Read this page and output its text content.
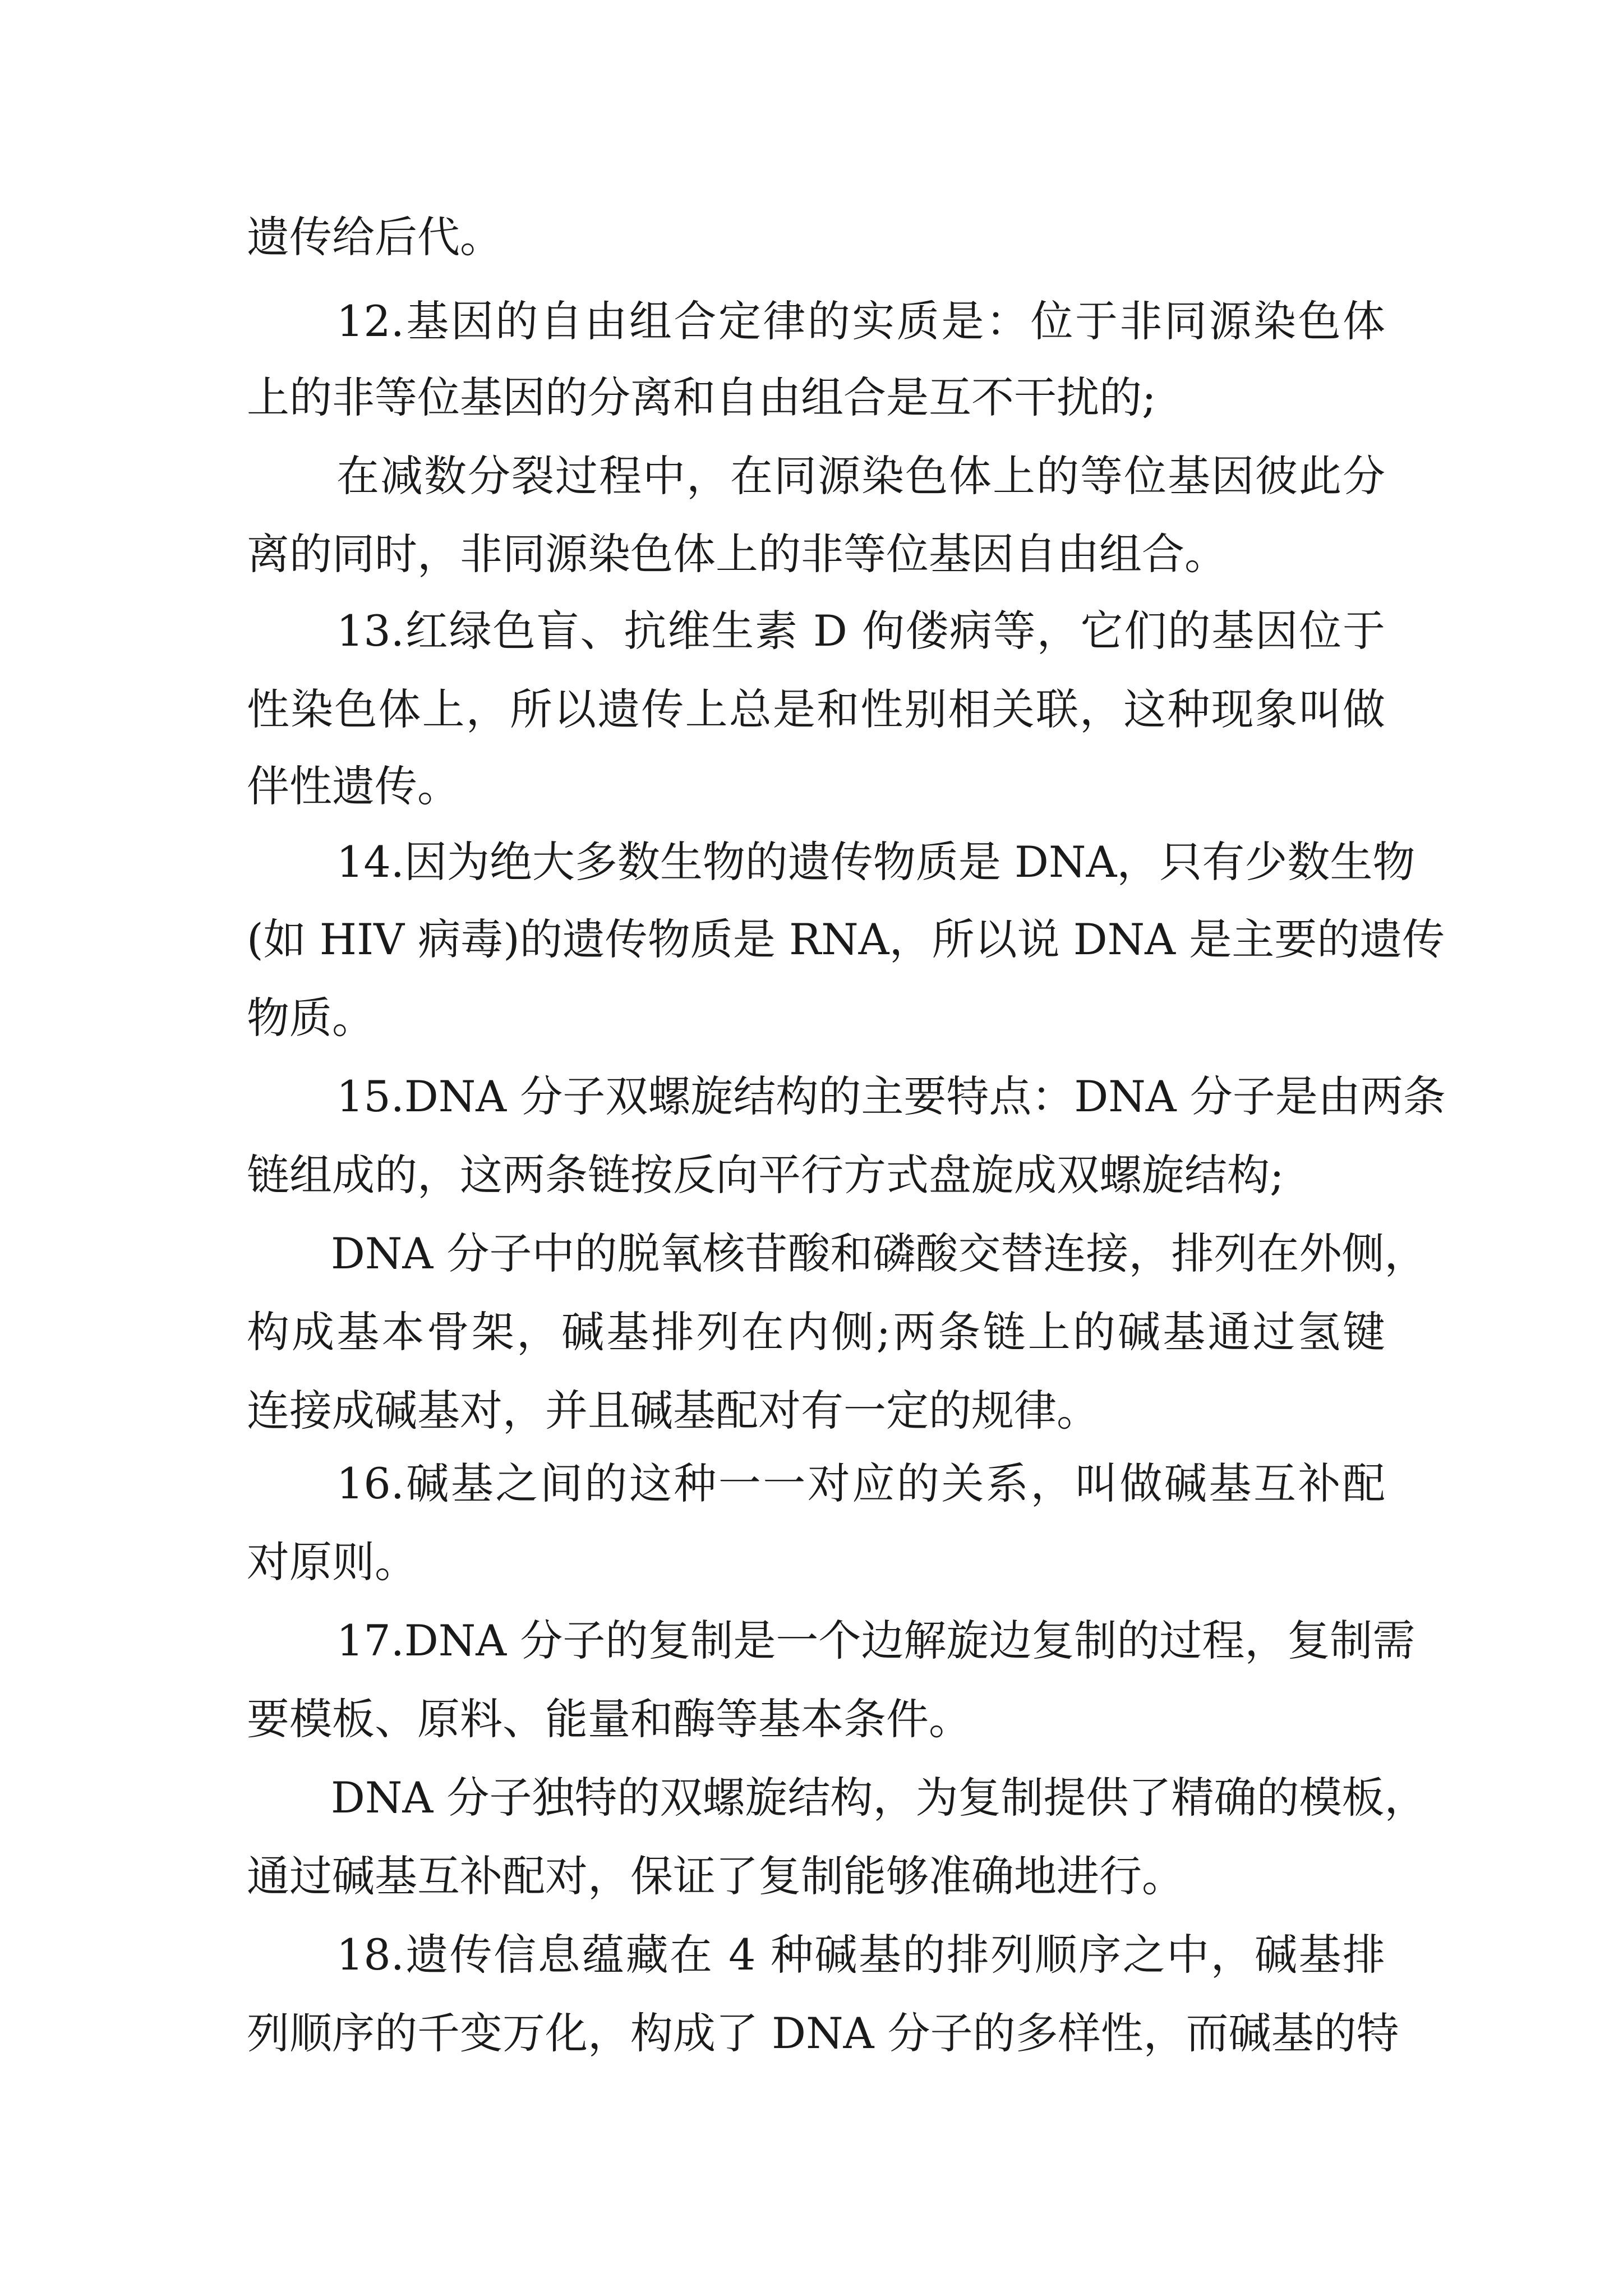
遗传给后代。
12.基因的自由组合定律的实质是：位于非同源染色体
上的非等位基因的分离和自由组合是互不干扰的;
在减数分裂过程中，在同源染色体上的等位基因彼此分
离的同时，非同源染色体上的非等位基因自由组合。
13.红绿色盲、抗维生素 D 佝偻病等，它们的基因位于
性染色体上，所以遗传上总是和性别相关联，这种现象叫做
伴性遗传。
14.因为绝大多数生物的遗传物质是 DNA，只有少数生物
(如 HIV 病毒)的遗传物质是 RNA，所以说 DNA 是主要的遗传
物质。
15.DNA 分子双螺旋结构的主要特点：DNA 分子是由两条
链组成的，这两条链按反向平行方式盘旋成双螺旋结构;
DNA 分子中的脱氧核苷酸和磷酸交替连接，排列在外侧，
构成基本骨架，碱基排列在内侧;两条链上的碱基通过氢键
连接成碱基对，并且碱基配对有一定的规律。
16.碱基之间的这种一一对应的关系，叫做碱基互补配
对原则。
17.DNA 分子的复制是一个边解旋边复制的过程，复制需
要模板、原料、能量和酶等基本条件。
DNA 分子独特的双螺旋结构，为复制提供了精确的模板，
通过碱基互补配对，保证了复制能够准确地进行。
18.遗传信息蕴藏在 4 种碱基的排列顺序之中，碱基排
列顺序的千变万化，构成了 DNA 分子的多样性，而碱基的特
